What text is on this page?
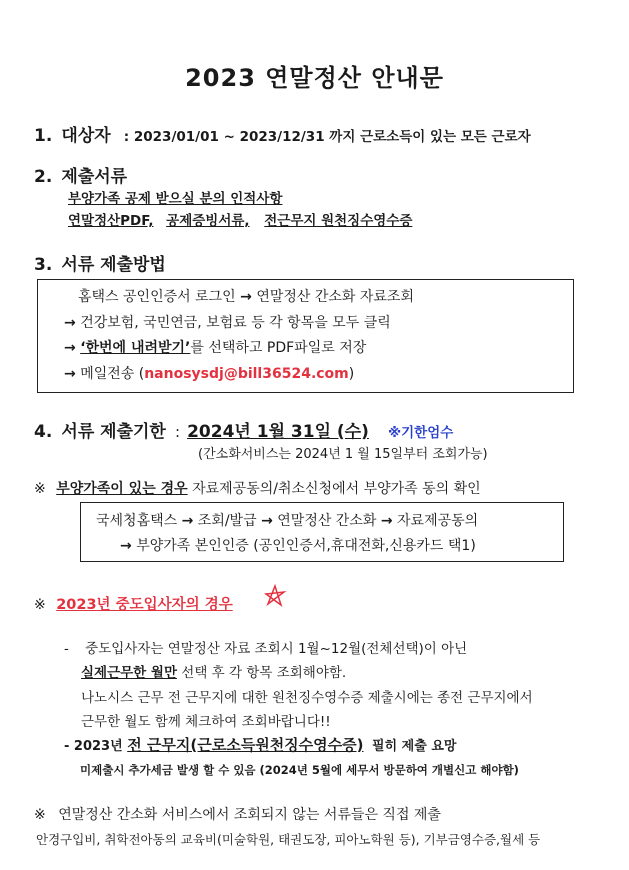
2023 연말정산 안내문
1. 대상자 : 2023/01/01 ~ 2023/12/31 까지 근로소득이 있는 모든 근로자
2. 제출서류
부양가족 공제 받으실 분의 인적사항
연말정산PDF, 공제증빙서류, 전근무지 원천징수영수증
3. 서류 제출방법
홈택스 공인인증서 로그인 → 연말정산 간소화 자료조회
→ 건강보험, 국민연금, 보험료 등 각 항목을 모두 클릭
→ ‘한번에 내려받기’를 선택하고 PDF파일로 저장
→ 메일전송 (nanosysdj@bill36524.com)
4. 서류 제출기한 : 2024년 1월 31일 (수) ※기한엄수
(간소화서비스는 2024년 1 월 15일부터 조회가능)
※ 부양가족이 있는 경우 자료제공동의/취소신청에서 부양가족 동의 확인
국세청홈택스 → 조회/발급 → 연말정산 간소화 → 자료제공동의
→ 부양가족 본인인증 (공인인증서,휴대전화,신용카드 택1)
※ 2023년 중도입사자의 경우
- 중도입사자는 연말정산 자료 조회시 1월~12월(전체선택)이 아닌
실제근무한 월만 선택 후 각 항목 조회해야함.
나노시스 근무 전 근무지에 대한 원천징수영수증 제출시에는 종전 근무지에서
근무한 월도 함께 체크하여 조회바랍니다!!
- 2023년 전 근무지(근로소득원천징수영수증) 필히 제출 요망
미제출시 추가세금 발생 할 수 있음 (2024년 5월에 세무서 방문하여 개별신고 해야함)
※ 연말정산 간소화 서비스에서 조회되지 않는 서류들은 직접 제출
안경구입비, 취학전아동의 교육비(미술학원, 태권도장, 피아노학원 등), 기부금영수증,월세 등
